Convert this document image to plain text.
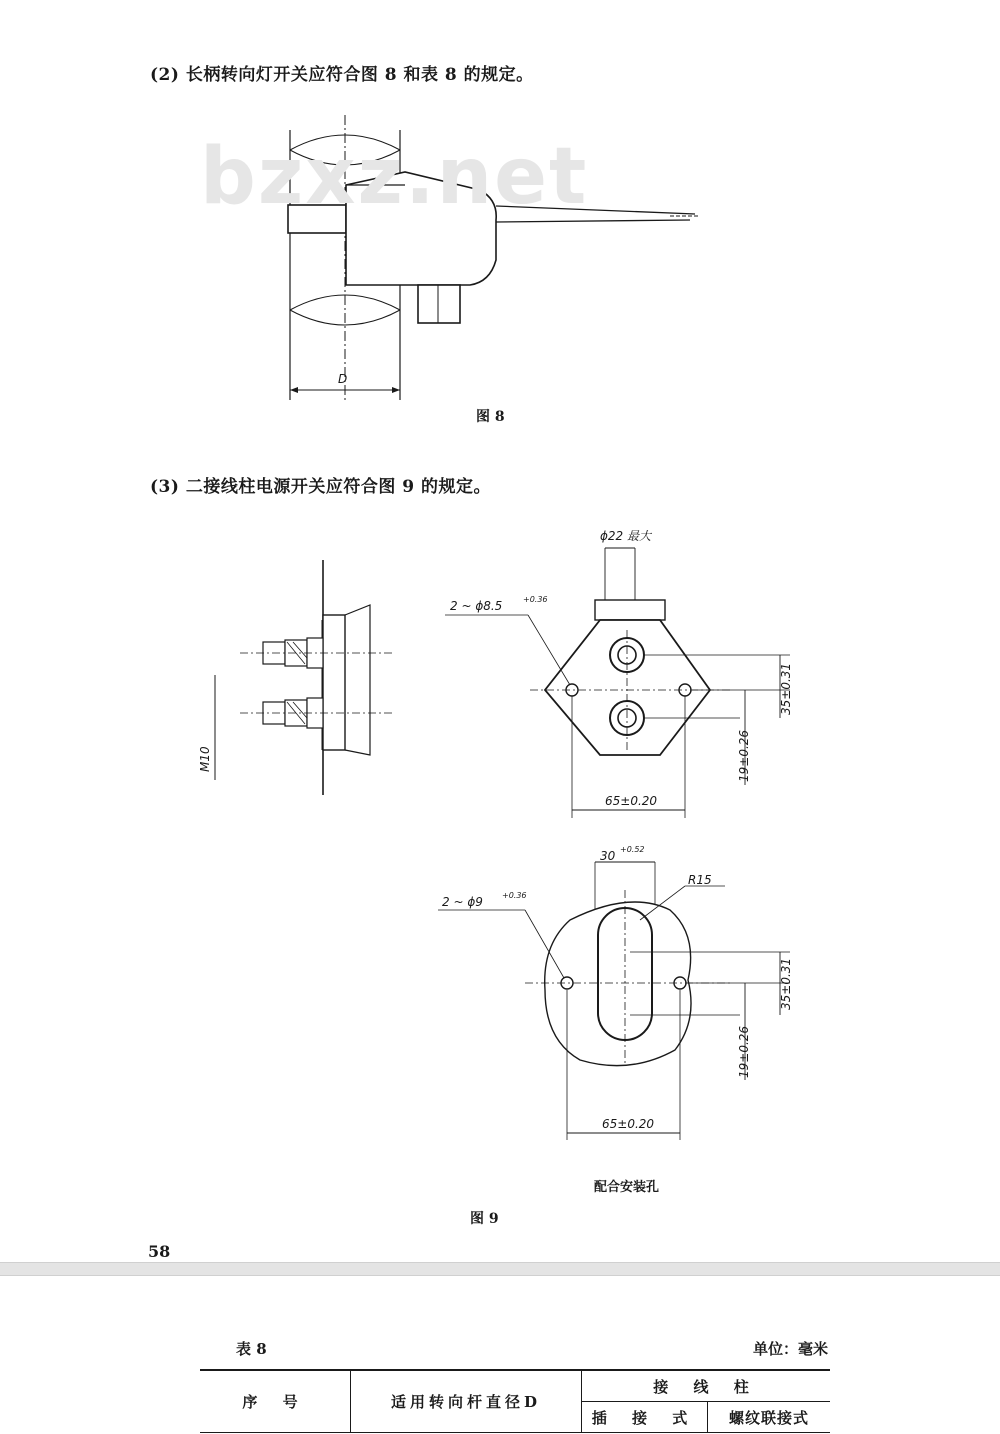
(2) 长柄转向灯开关应符合图 8 和表 8 的规定。
D
bzxz.net
图 8
(3) 二接线柱电源开关应符合图 9 的规定。
M10
ϕ22 最大
35±0.31
19±0.26
65±0.20
2 ~ ϕ8.5	+0.36
30 +0.52
R15
35±0.31
19±0.26
65±0.20
2 ~ ϕ9 +0.36
配合安装孔
图 9
58
表 8	单位：毫米
序 号	适用转向杆直径D	接 线 柱	
		插 接 式	螺纹联接式
